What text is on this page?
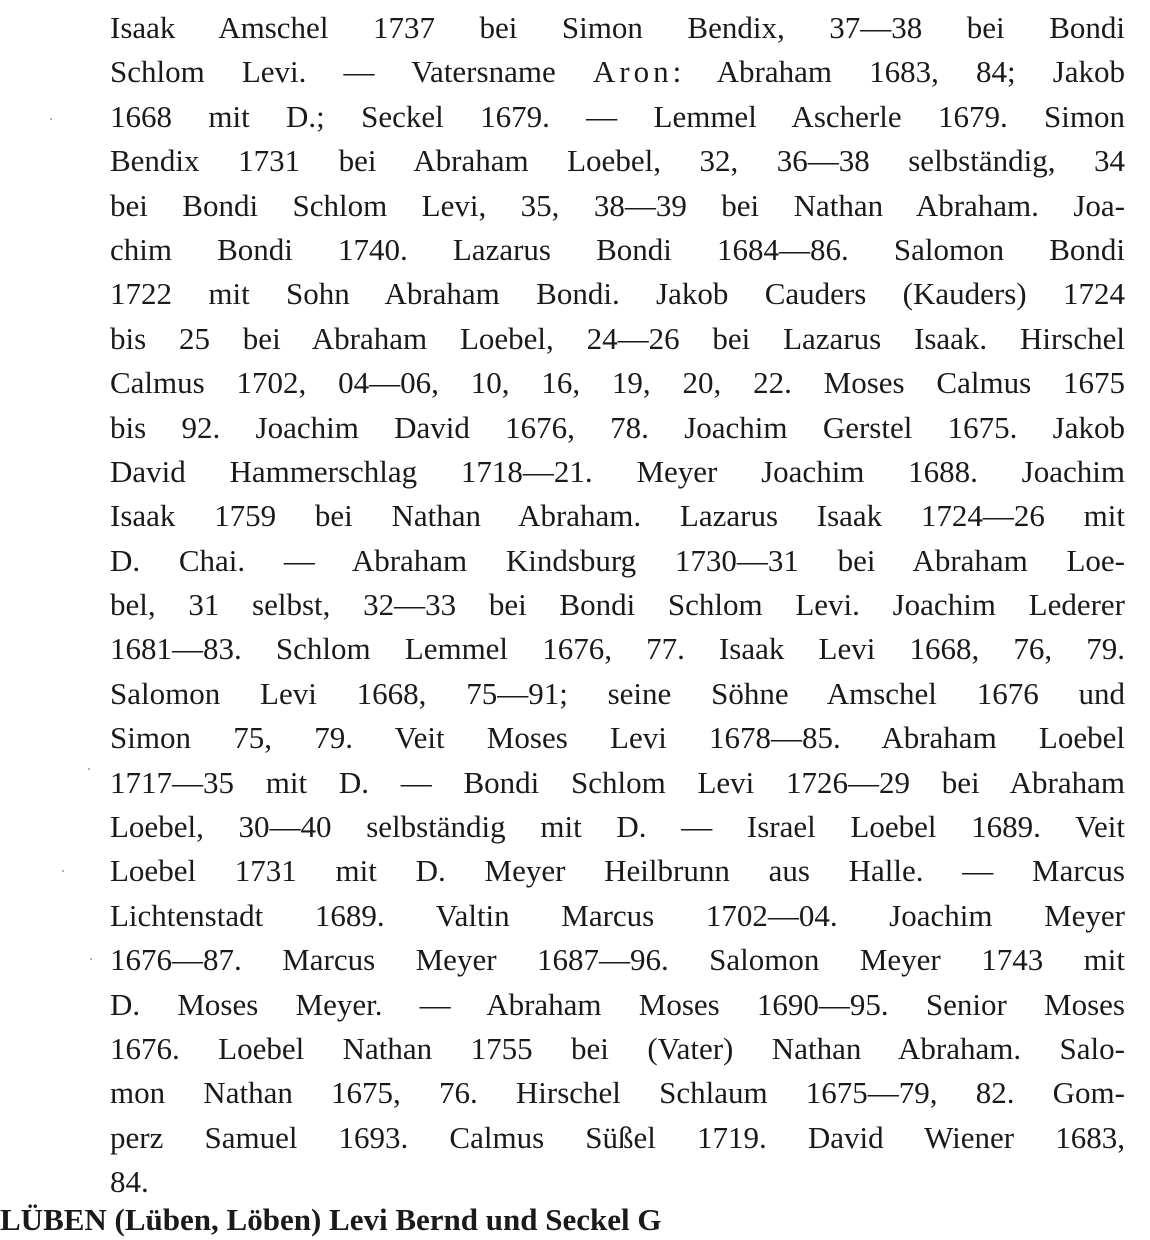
Isaak Amschel 1737 bei Simon Bendix, 37—38 bei Bondi
Schlom Levi. — Vatersname Aron: Abraham 1683, 84; Jakob
1668 mit D.; Seckel 1679. — Lemmel Ascherle 1679. Simon
Bendix 1731 bei Abraham Loebel, 32, 36—38 selbständig, 34
bei Bondi Schlom Levi, 35, 38—39 bei Nathan Abraham. Joa-
chim Bondi 1740. Lazarus Bondi 1684—86. Salomon Bondi
1722 mit Sohn Abraham Bondi. Jakob Cauders (Kauders) 1724
bis 25 bei Abraham Loebel, 24—26 bei Lazarus Isaak. Hirschel
Calmus 1702, 04—06, 10, 16, 19, 20, 22. Moses Calmus 1675
bis 92. Joachim David 1676, 78. Joachim Gerstel 1675. Jakob
David Hammerschlag 1718—21. Meyer Joachim 1688. Joachim
Isaak 1759 bei Nathan Abraham. Lazarus Isaak 1724—26 mit
D. Chai. — Abraham Kindsburg 1730—31 bei Abraham Loe-
bel, 31 selbst, 32—33 bei Bondi Schlom Levi. Joachim Lederer
1681—83. Schlom Lemmel 1676, 77. Isaak Levi 1668, 76, 79.
Salomon Levi 1668, 75—91; seine Söhne Amschel 1676 und
Simon 75, 79. Veit Moses Levi 1678—85. Abraham Loebel
1717—35 mit D. — Bondi Schlom Levi 1726—29 bei Abraham
Loebel, 30—40 selbständig mit D. — Israel Loebel 1689. Veit
Loebel 1731 mit D. Meyer Heilbrunn aus Halle. — Marcus
Lichtenstadt 1689. Valtin Marcus 1702—04. Joachim Meyer
1676—87. Marcus Meyer 1687—96. Salomon Meyer 1743 mit
D. Moses Meyer. — Abraham Moses 1690—95. Senior Moses
1676. Loebel Nathan 1755 bei (Vater) Nathan Abraham. Salo-
mon Nathan 1675, 76. Hirschel Schlaum 1675—79, 82. Gom-
perz Samuel 1693. Calmus Süßel 1719. David Wiener 1683,
84.
LÜBEN (Lüben, Löben) Levi Bernd und Seckel G
